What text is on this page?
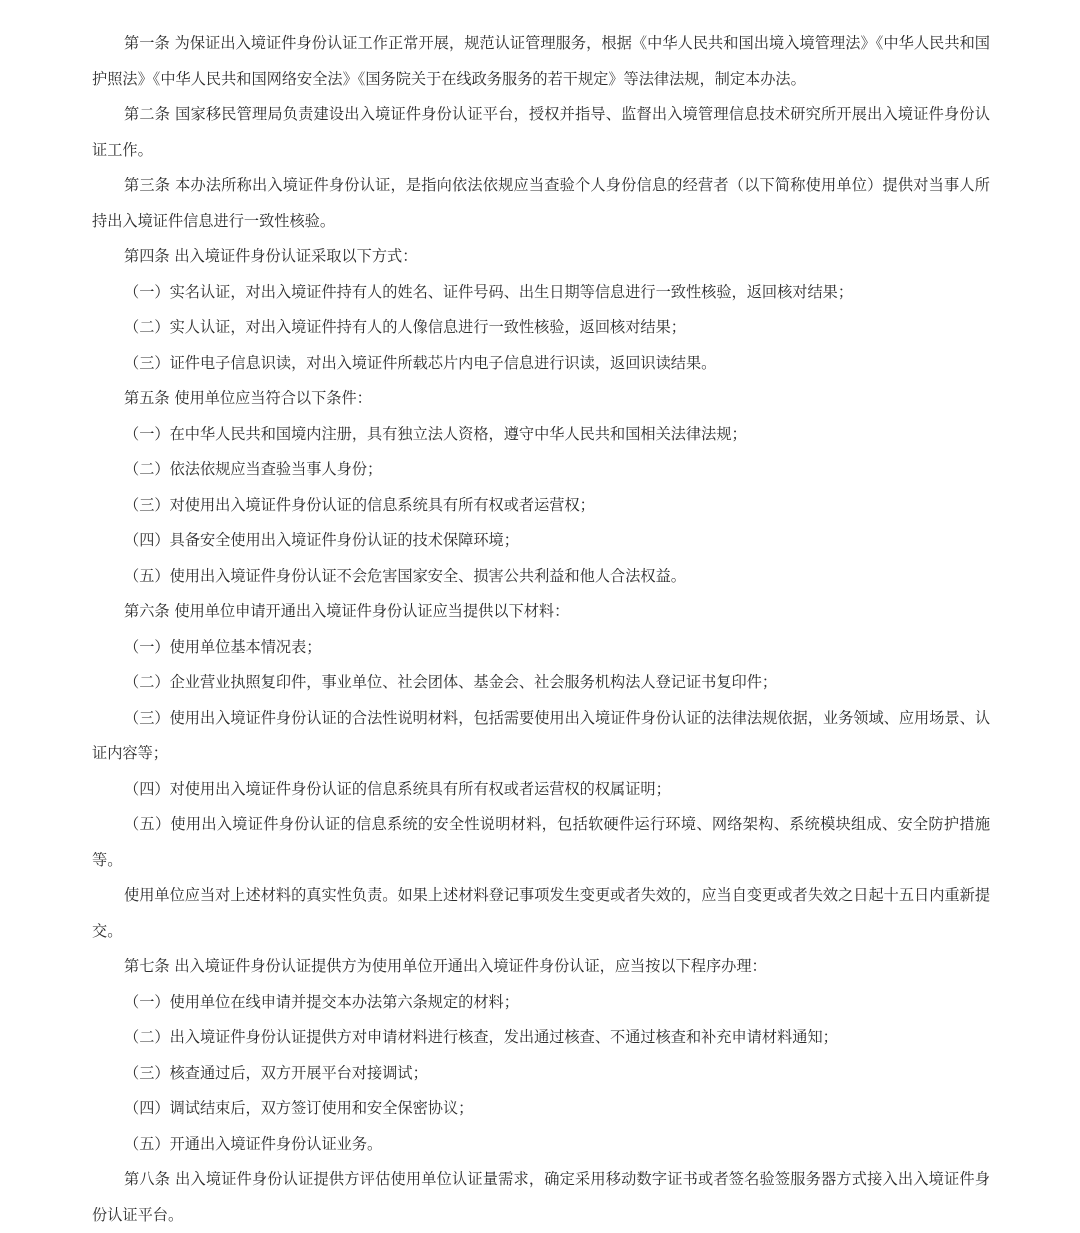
第一条 为保证出入境证件身份认证工作正常开展，规范认证管理服务，根据《中华人民共和国出境入境管理法》《中华人民共和国护照法》《中华人民共和国网络安全法》《国务院关于在线政务服务的若干规定》等法律法规，制定本办法。

第二条 国家移民管理局负责建设出入境证件身份认证平台，授权并指导、监督出入境管理信息技术研究所开展出入境证件身份认证工作。

第三条 本办法所称出入境证件身份认证，是指向依法依规应当查验个人身份信息的经营者（以下简称使用单位）提供对当事人所持出入境证件信息进行一致性核验。

第四条 出入境证件身份认证采取以下方式：

（一）实名认证，对出入境证件持有人的姓名、证件号码、出生日期等信息进行一致性核验，返回核对结果；

（二）实人认证，对出入境证件持有人的人像信息进行一致性核验，返回核对结果；

（三）证件电子信息识读，对出入境证件所载芯片内电子信息进行识读，返回识读结果。

第五条 使用单位应当符合以下条件：

（一）在中华人民共和国境内注册，具有独立法人资格，遵守中华人民共和国相关法律法规；

（二）依法依规应当查验当事人身份；

（三）对使用出入境证件身份认证的信息系统具有所有权或者运营权；

（四）具备安全使用出入境证件身份认证的技术保障环境；

（五）使用出入境证件身份认证不会危害国家安全、损害公共利益和他人合法权益。

第六条 使用单位申请开通出入境证件身份认证应当提供以下材料：

（一）使用单位基本情况表；

（二）企业营业执照复印件，事业单位、社会团体、基金会、社会服务机构法人登记证书复印件；

（三）使用出入境证件身份认证的合法性说明材料，包括需要使用出入境证件身份认证的法律法规依据，业务领域、应用场景、认证内容等；

（四）对使用出入境证件身份认证的信息系统具有所有权或者运营权的权属证明；

（五）使用出入境证件身份认证的信息系统的安全性说明材料，包括软硬件运行环境、网络架构、系统模块组成、安全防护措施等。

使用单位应当对上述材料的真实性负责。如果上述材料登记事项发生变更或者失效的，应当自变更或者失效之日起十五日内重新提交。

第七条 出入境证件身份认证提供方为使用单位开通出入境证件身份认证，应当按以下程序办理：

（一）使用单位在线申请并提交本办法第六条规定的材料；

（二）出入境证件身份认证提供方对申请材料进行核查，发出通过核查、不通过核查和补充申请材料通知；

（三）核查通过后，双方开展平台对接调试；

（四）调试结束后，双方签订使用和安全保密协议；

（五）开通出入境证件身份认证业务。

第八条 出入境证件身份认证提供方评估使用单位认证量需求，确定采用移动数字证书或者签名验签服务器方式接入出入境证件身份认证平台。
